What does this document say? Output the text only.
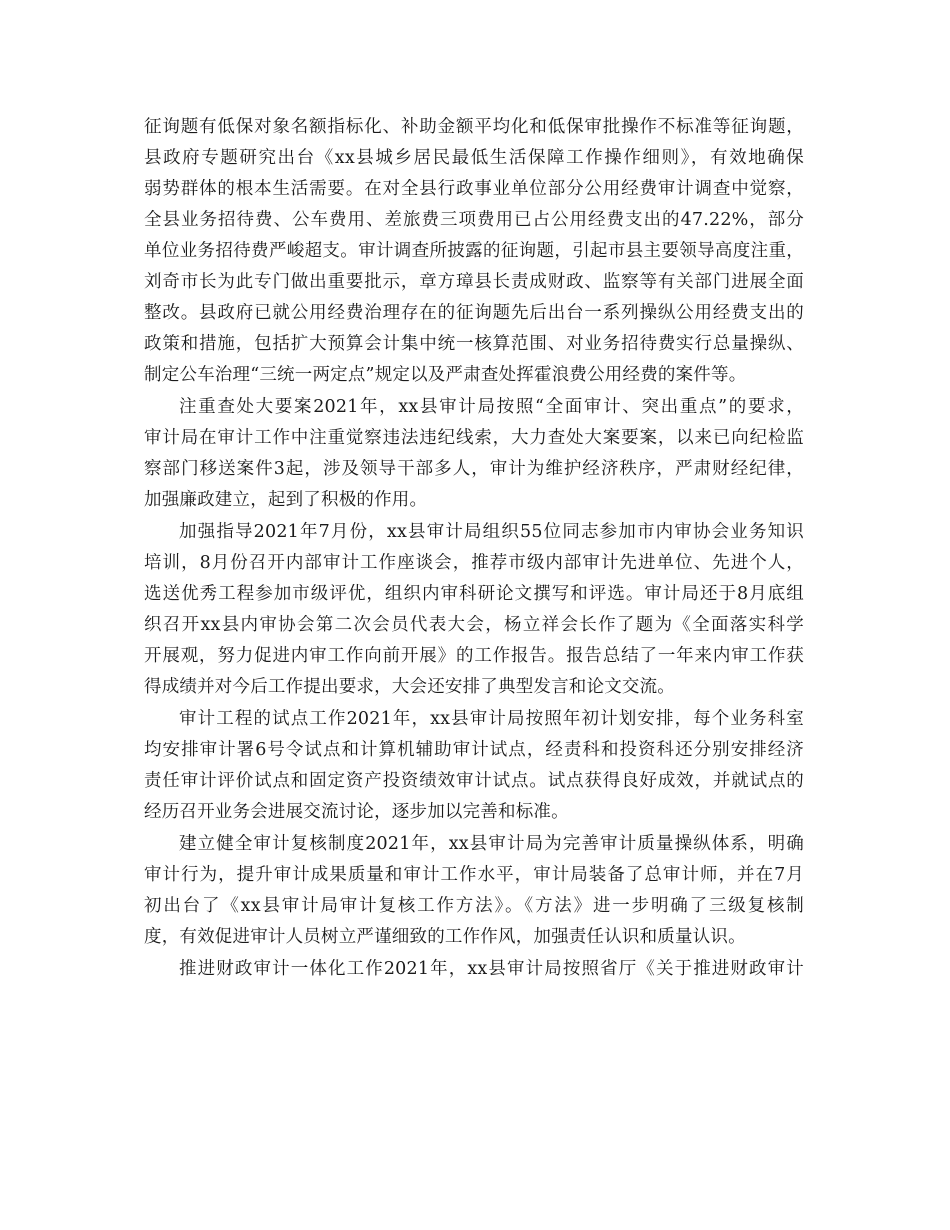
征询题有低保对象名额指标化、补助金额平均化和低保审批操作不标准等征询题，
县政府专题研究出台《xx县城乡居民最低生活保障工作操作细则》，有效地确保
弱势群体的根本生活需要。在对全县行政事业单位部分公用经费审计调查中觉察，
全县业务招待费、公车费用、差旅费三项费用已占公用经费支出的47.22%，部分
单位业务招待费严峻超支。审计调查所披露的征询题，引起市县主要领导高度注重，
刘奇市长为此专门做出重要批示，章方璋县长责成财政、监察等有关部门进展全面
整改。县政府已就公用经费治理存在的征询题先后出台一系列操纵公用经费支出的
政策和措施，包括扩大预算会计集中统一核算范围、对业务招待费实行总量操纵、
制定公车治理“三统一两定点”规定以及严肃查处挥霍浪费公用经费的案件等。
注重查处大要案2021年，xx县审计局按照“全面审计、突出重点”的要求，
审计局在审计工作中注重觉察违法违纪线索，大力查处大案要案，以来已向纪检监
察部门移送案件3起，涉及领导干部多人，审计为维护经济秩序，严肃财经纪律，
加强廉政建立，起到了积极的作用。
加强指导2021年7月份，xx县审计局组织55位同志参加市内审协会业务知识
培训，8月份召开内部审计工作座谈会，推荐市级内部审计先进单位、先进个人，
选送优秀工程参加市级评优，组织内审科研论文撰写和评选。审计局还于8月底组
织召开xx县内审协会第二次会员代表大会，杨立祥会长作了题为《全面落实科学
开展观，努力促进内审工作向前开展》的工作报告。报告总结了一年来内审工作获
得成绩并对今后工作提出要求，大会还安排了典型发言和论文交流。
审计工程的试点工作2021年，xx县审计局按照年初计划安排，每个业务科室
均安排审计署6号令试点和计算机辅助审计试点，经责科和投资科还分别安排经济
责任审计评价试点和固定资产投资绩效审计试点。试点获得良好成效，并就试点的
经历召开业务会进展交流讨论，逐步加以完善和标准。
建立健全审计复核制度2021年，xx县审计局为完善审计质量操纵体系，明确
审计行为，提升审计成果质量和审计工作水平，审计局装备了总审计师，并在7月
初出台了《xx县审计局审计复核工作方法》。《方法》进一步明确了三级复核制
度，有效促进审计人员树立严谨细致的工作作风，加强责任认识和质量认识。
推进财政审计一体化工作2021年，xx县审计局按照省厅《关于推进财政审计
